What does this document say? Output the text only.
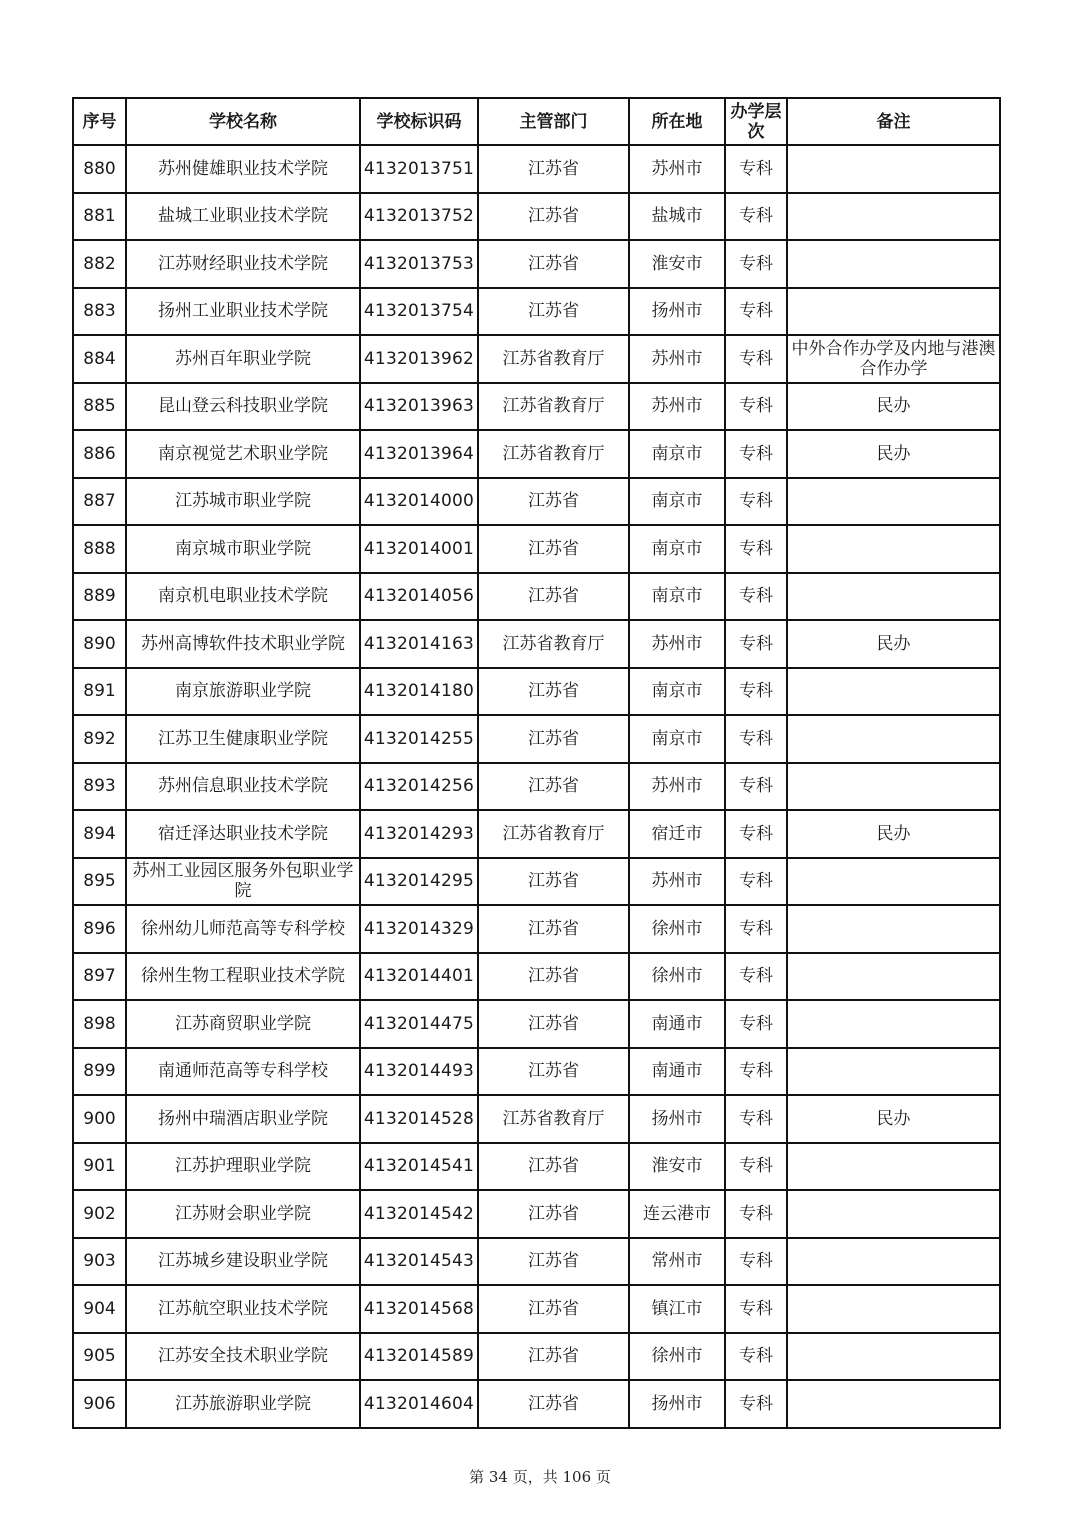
序号	学校名称	学校标识码	主管部门	所在地	办学层次	备注
880	苏州健雄职业技术学院	4132013751	江苏省	苏州市	专科	
881	盐城工业职业技术学院	4132013752	江苏省	盐城市	专科	
882	江苏财经职业技术学院	4132013753	江苏省	淮安市	专科	
883	扬州工业职业技术学院	4132013754	江苏省	扬州市	专科	
884	苏州百年职业学院	4132013962	江苏省教育厅	苏州市	专科	中外合作办学及内地与港澳合作办学
885	昆山登云科技职业学院	4132013963	江苏省教育厅	苏州市	专科	民办
886	南京视觉艺术职业学院	4132013964	江苏省教育厅	南京市	专科	民办
887	江苏城市职业学院	4132014000	江苏省	南京市	专科	
888	南京城市职业学院	4132014001	江苏省	南京市	专科	
889	南京机电职业技术学院	4132014056	江苏省	南京市	专科	
890	苏州高博软件技术职业学院	4132014163	江苏省教育厅	苏州市	专科	民办
891	南京旅游职业学院	4132014180	江苏省	南京市	专科	
892	江苏卫生健康职业学院	4132014255	江苏省	南京市	专科	
893	苏州信息职业技术学院	4132014256	江苏省	苏州市	专科	
894	宿迁泽达职业技术学院	4132014293	江苏省教育厅	宿迁市	专科	民办
895	苏州工业园区服务外包职业学院	4132014295	江苏省	苏州市	专科	
896	徐州幼儿师范高等专科学校	4132014329	江苏省	徐州市	专科	
897	徐州生物工程职业技术学院	4132014401	江苏省	徐州市	专科	
898	江苏商贸职业学院	4132014475	江苏省	南通市	专科	
899	南通师范高等专科学校	4132014493	江苏省	南通市	专科	
900	扬州中瑞酒店职业学院	4132014528	江苏省教育厅	扬州市	专科	民办
901	江苏护理职业学院	4132014541	江苏省	淮安市	专科	
902	江苏财会职业学院	4132014542	江苏省	连云港市	专科	
903	江苏城乡建设职业学院	4132014543	江苏省	常州市	专科	
904	江苏航空职业技术学院	4132014568	江苏省	镇江市	专科	
905	江苏安全技术职业学院	4132014589	江苏省	徐州市	专科	
906	江苏旅游职业学院	4132014604	江苏省	扬州市	专科	
第 34 页，共 106 页
